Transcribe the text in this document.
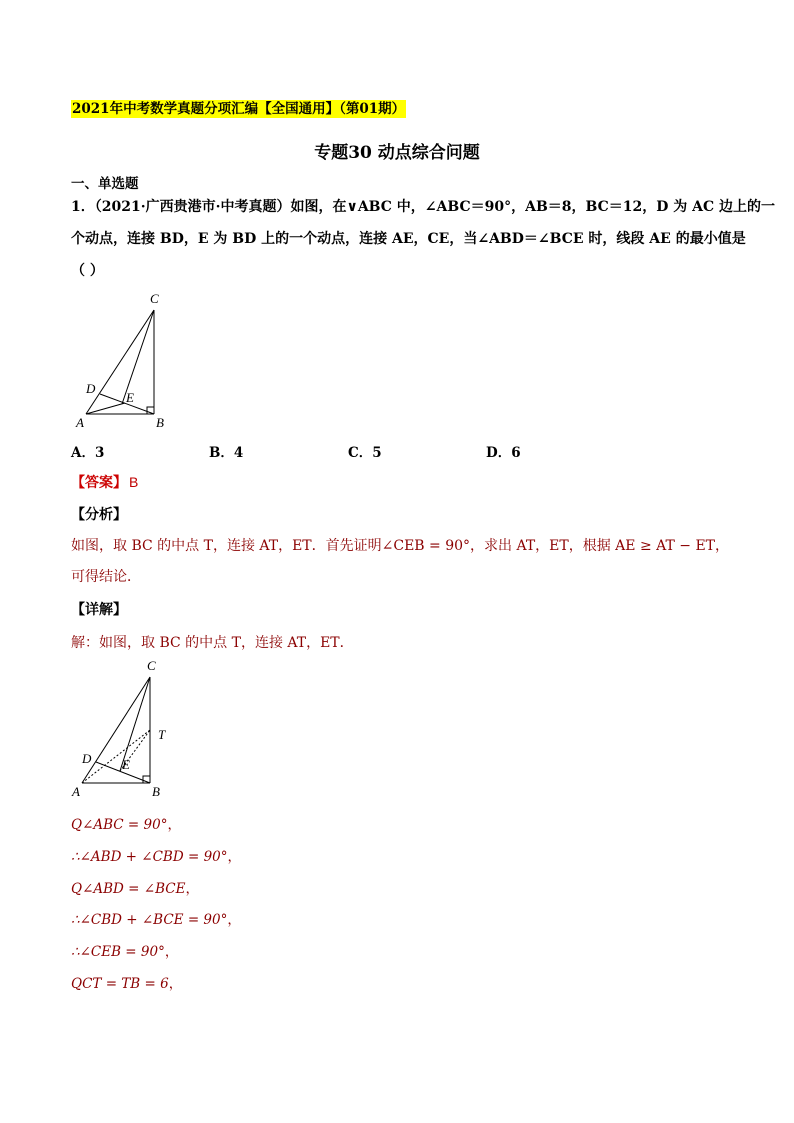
2021年中考数学真题分项汇编【全国通用】（第01期）
专题30 动点综合问题
一、单选题
1．（2021·广西贵港市·中考真题）如图，在∨ABC 中，∠ABC＝90°，AB＝8，BC＝12，D 为 AC 边上的一
个动点，连接 BD，E 为 BD 上的一个动点，连接 AE，CE，当∠ABD＝∠BCE 时，线段 AE 的最小值是
（ ）
C
D
E
A	B
A．3	B．4	C．5	D．6
【答案】 B
【分析】
如图，取 BC 的中点 T，连接 AT，ET．首先证明∠CEB = 90°，求出 AT，ET，根据 AE ≥ AT − ET，
可得结论．
【详解】
解：如图，取 BC 的中点 T，连接 AT，ET．
C
T
D E
A	B
Q∠ABC = 90°，
∴∠ABD + ∠CBD = 90°，
Q∠ABD = ∠BCE，
∴∠CBD + ∠BCE = 90°，
∴∠CEB = 90°，
QCT = TB = 6，
